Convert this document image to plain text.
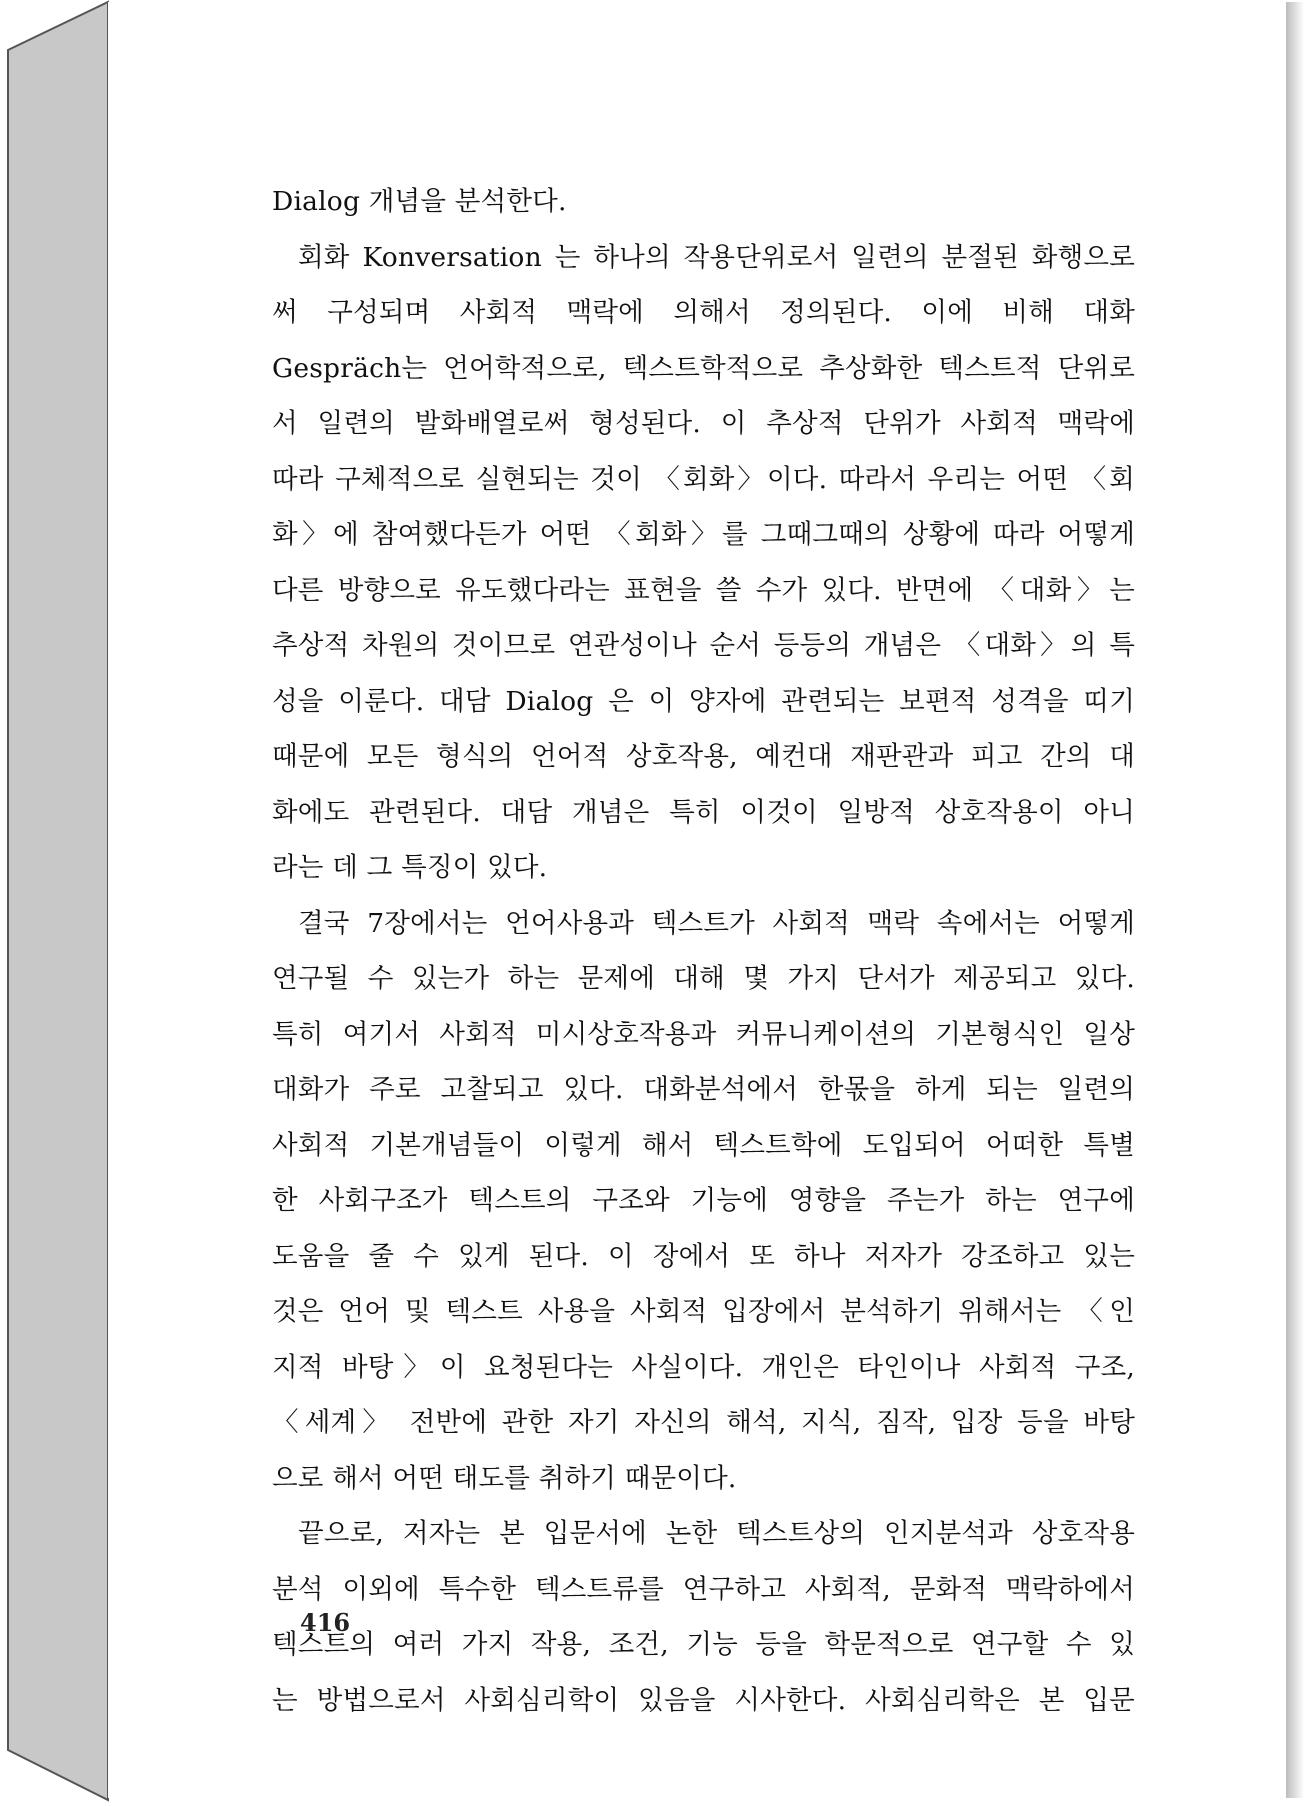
Dialog 개념을 분석한다.
회화 Konversation 는 하나의 작용단위로서 일련의 분절된 화행으로
써 구성되며 사회적 맥락에 의해서 정의된다. 이에 비해 대화
Gespräch는 언어학적으로, 텍스트학적으로 추상화한 텍스트적 단위로
서 일련의 발화배열로써 형성된다. 이 추상적 단위가 사회적 맥락에
따라 구체적으로 실현되는 것이 〈회화〉이다. 따라서 우리는 어떤 〈회
화〉에 참여했다든가 어떤 〈회화〉를 그때그때의 상황에 따라 어떻게
다른 방향으로 유도했다라는 표현을 쓸 수가 있다. 반면에 〈대화〉는
추상적 차원의 것이므로 연관성이나 순서 등등의 개념은 〈대화〉의 특
성을 이룬다. 대담 Dialog 은 이 양자에 관련되는 보편적 성격을 띠기
때문에 모든 형식의 언어적 상호작용, 예컨대 재판관과 피고 간의 대
화에도 관련된다. 대담 개념은 특히 이것이 일방적 상호작용이 아니
라는 데 그 특징이 있다.
결국 7장에서는 언어사용과 텍스트가 사회적 맥락 속에서는 어떻게
연구될 수 있는가 하는 문제에 대해 몇 가지 단서가 제공되고 있다.
특히 여기서 사회적 미시상호작용과 커뮤니케이션의 기본형식인 일상
대화가 주로 고찰되고 있다. 대화분석에서 한몫을 하게 되는 일련의
사회적 기본개념들이 이렇게 해서 텍스트학에 도입되어 어떠한 특별
한 사회구조가 텍스트의 구조와 기능에 영향을 주는가 하는 연구에
도움을 줄 수 있게 된다. 이 장에서 또 하나 저자가 강조하고 있는
것은 언어 및 텍스트 사용을 사회적 입장에서 분석하기 위해서는 〈인
지적 바탕〉이 요청된다는 사실이다. 개인은 타인이나 사회적 구조,
〈세계〉 전반에 관한 자기 자신의 해석, 지식, 짐작, 입장 등을 바탕
으로 해서 어떤 태도를 취하기 때문이다.
끝으로, 저자는 본 입문서에 논한 텍스트상의 인지분석과 상호작용
분석 이외에 특수한 텍스트류를 연구하고 사회적, 문화적 맥락하에서
텍스트의 여러 가지 작용, 조건, 기능 등을 학문적으로 연구할 수 있
는 방법으로서 사회심리학이 있음을 시사한다. 사회심리학은 본 입문
416
